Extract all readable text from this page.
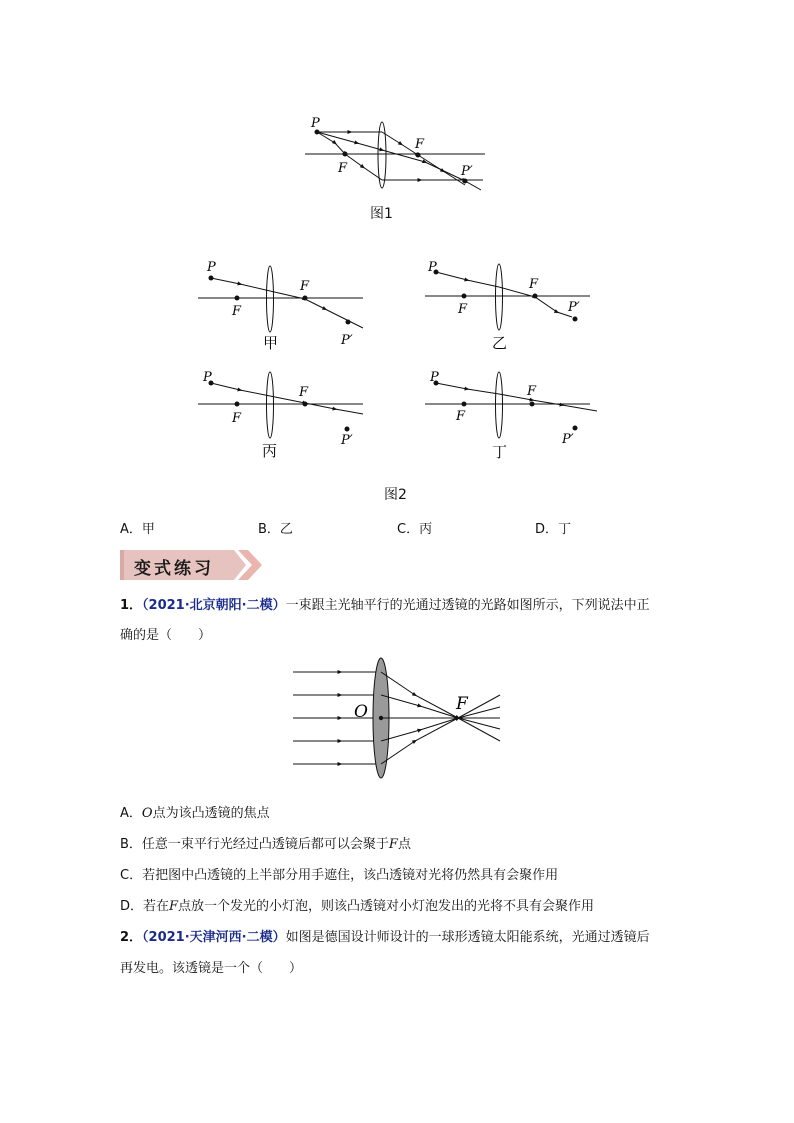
P
F
F	P′
图1
P
F
F
P′
甲
P
F
F
P′
乙
P
F
F
P′
丙
P
F
F
P′
丁
图2
A．甲	B．乙	C．丙	D．丁
变式练习
1．（2021·北京朝阳·二模）一束跟主光轴平行的光通过透镜的光路如图所示，下列说法中正
确的是（　　）
O	F
A．O点为该凸透镜的焦点
B．任意一束平行光经过凸透镜后都可以会聚于F点
C．若把图中凸透镜的上半部分用手遮住，该凸透镜对光将仍然具有会聚作用
D．若在F点放一个发光的小灯泡，则该凸透镜对小灯泡发出的光将不具有会聚作用
2．（2021·天津河西·二模）如图是德国设计师设计的一球形透镜太阳能系统，光通过透镜后
再发电。该透镜是一个（　　）
